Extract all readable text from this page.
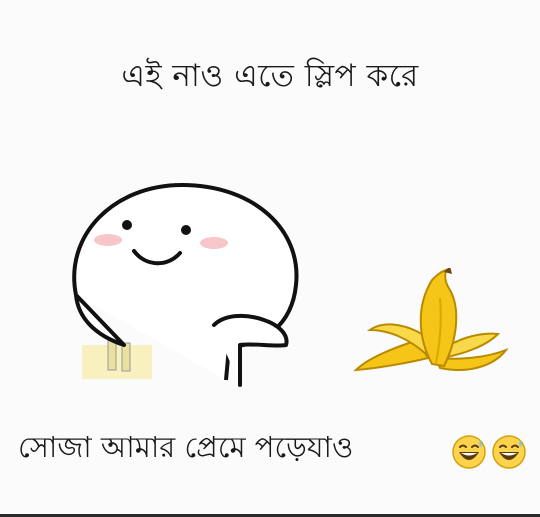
এই নাও এতে স্লিপ করে
সোজা আমার প্রেমে পড়েযাও
